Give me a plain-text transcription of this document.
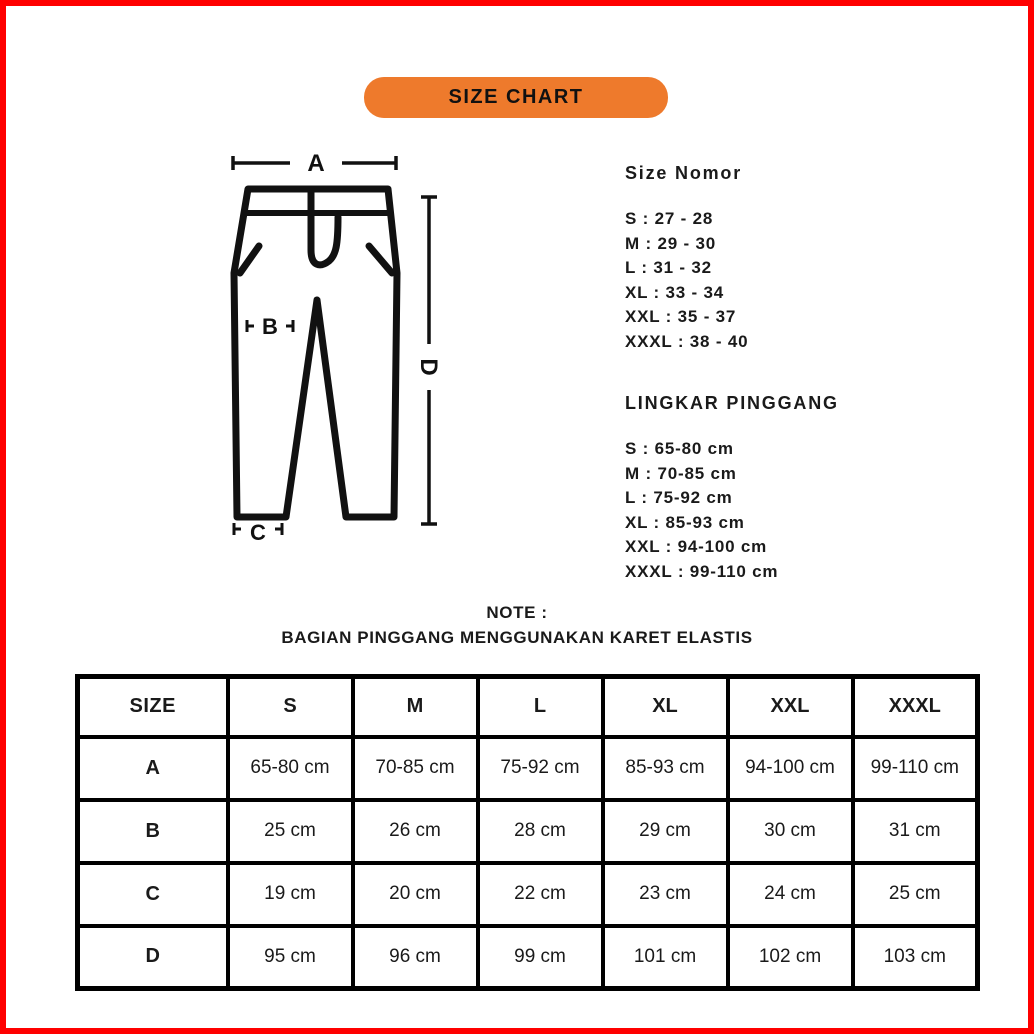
SIZE CHART
A
B
C
D

Size Nomor

S : 27 - 28
M : 29 - 30
L : 31 - 32
XL : 33 - 34
XXL : 35 - 37
XXXL : 38 - 40

LINGKAR PINGGANG

S : 65-80 cm
M : 70-85 cm
L : 75-92 cm
XL : 85-93 cm
XXL : 94-100 cm
XXXL : 99-110 cm

NOTE :

BAGIAN PINGGANG MENGGUNAKAN KARET ELASTIS

SIZE	S	M	L	XL	XXL	XXXL
A	65-80 cm	70-85 cm	75-92 cm	85-93 cm	94-100 cm	99-110 cm
B	25 cm	26 cm	28 cm	29 cm	30 cm	31 cm
C	19 cm	20 cm	22 cm	23 cm	24 cm	25 cm
D	95 cm	96 cm	99 cm	101 cm	102 cm	103 cm
